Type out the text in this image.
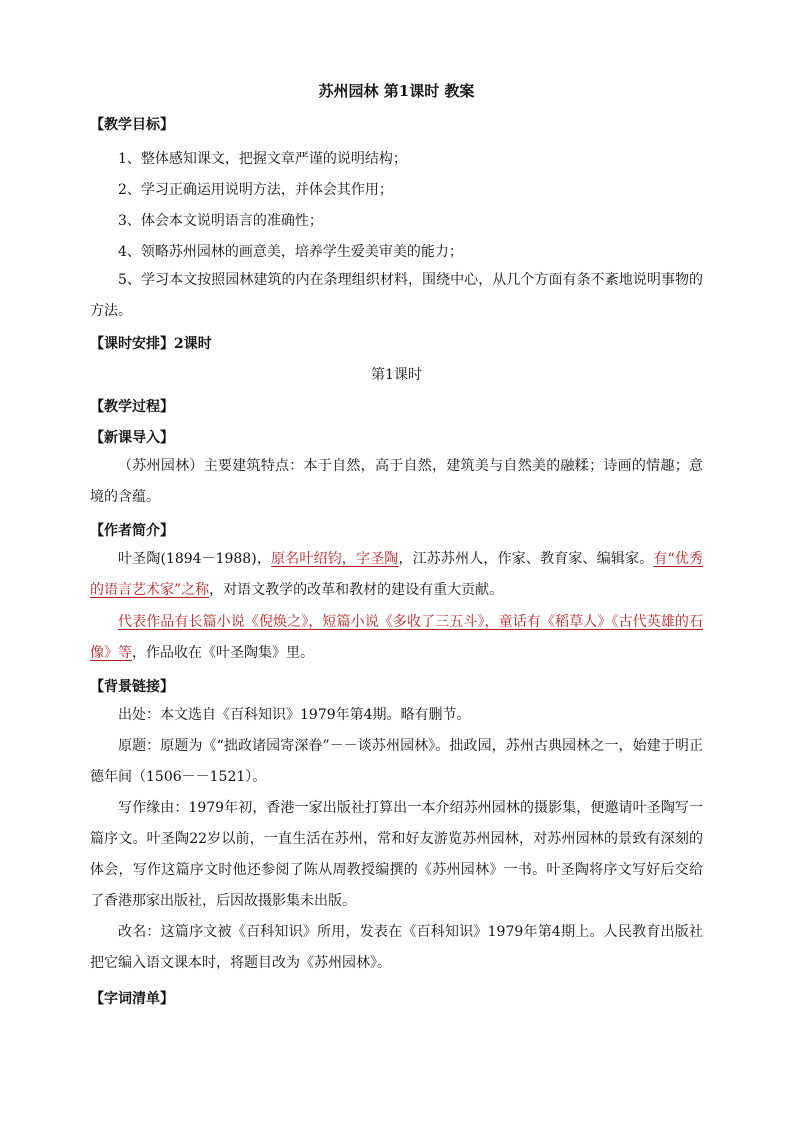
苏州园林 第1课时 教案
【教学目标】
1、整体感知课文，把握文章严谨的说明结构；
2、学习正确运用说明方法，并体会其作用；
3、体会本文说明语言的准确性；
4、领略苏州园林的画意美，培养学生爱美审美的能力；
5、学习本文按照园林建筑的内在条理组织材料，围绕中心，从几个方面有条不紊地说明事物的方法。
【课时安排】2课时
第1课时
【教学过程】
【新课导入】
（苏州园林）主要建筑特点：本于自然，高于自然，建筑美与自然美的融糅；诗画的情趣；意境的含蕴。
【作者简介】
叶圣陶(1894－1988)，原名叶绍钧，字圣陶，江苏苏州人，作家、教育家、编辑家。有“优秀的语言艺术家”之称，对语文教学的改革和教材的建设有重大贡献。
代表作品有长篇小说《倪焕之》，短篇小说《多收了三五斗》，童话有《稻草人》《古代英雄的石像》等，作品收在《叶圣陶集》里。
【背景链接】
出处：本文选自《百科知识》1979年第4期。略有删节。
原题：原题为《“拙政诸园寄深眷”－－谈苏州园林》。拙政园，苏州古典园林之一，始建于明正德年间（1506－－1521）。
写作缘由：1979年初，香港一家出版社打算出一本介绍苏州园林的摄影集，便邀请叶圣陶写一篇序文。叶圣陶22岁以前，一直生活在苏州，常和好友游览苏州园林，对苏州园林的景致有深刻的体会，写作这篇序文时他还参阅了陈从周教授编撰的《苏州园林》一书。叶圣陶将序文写好后交给了香港那家出版社，后因故摄影集未出版。
改名：这篇序文被《百科知识》所用，发表在《百科知识》1979年第4期上。人民教育出版社把它编入语文课本时，将题目改为《苏州园林》。
【字词清单】
